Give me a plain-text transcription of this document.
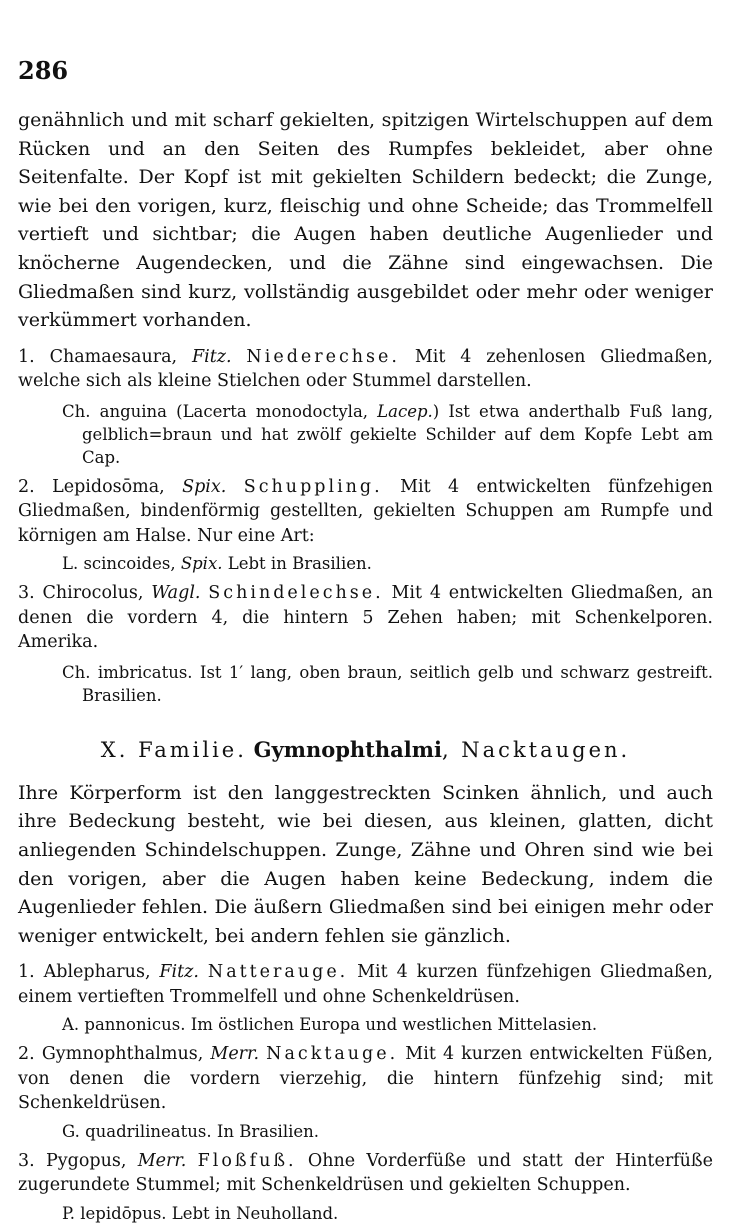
286

genähnlich und mit scharf gekielten, spitzigen Wirtelschuppen auf dem Rücken und an den Seiten des Rumpfes bekleidet, aber ohne Seitenfalte. Der Kopf ist mit gekielten Schildern bedeckt; die Zunge, wie bei den vorigen, kurz, fleischig und ohne Scheide; das Trommelfell vertieft und sichtbar; die Augen haben deutliche Augenlieder und knöcherne Augendecken, und die Zähne sind eingewachsen. Die Gliedmaßen sind kurz, vollständig ausgebildet oder mehr oder weniger verkümmert vorhanden.

1. Chamaesaura, Fitz. Niederechse. Mit 4 zehenlosen Gliedmaßen, welche sich als kleine Stielchen oder Stummel darstellen.

Ch. anguina (Lacerta monodoctyla, Lacep.) Ist etwa anderthalb Fuß lang, gelblich=braun und hat zwölf gekielte Schilder auf dem Kopfe Lebt am Cap.

2. Lepidosōma, Spix. Schuppling. Mit 4 entwickelten fünfzehigen Gliedmaßen, bindenförmig gestellten, gekielten Schuppen am Rumpfe und körnigen am Halse. Nur eine Art:

L. scincoides, Spix. Lebt in Brasilien.

3. Chirocolus, Wagl. Schindelechse. Mit 4 entwickelten Gliedmaßen, an denen die vordern 4, die hintern 5 Zehen haben; mit Schenkelporen. Amerika.

Ch. imbricatus. Ist 1′ lang, oben braun, seitlich gelb und schwarz gestreift. Brasilien.

X. Familie. Gymnophthalmi, Nacktaugen.

Ihre Körperform ist den langgestreckten Scinken ähnlich, und auch ihre Bedeckung besteht, wie bei diesen, aus kleinen, glatten, dicht anliegenden Schindelschuppen. Zunge, Zähne und Ohren sind wie bei den vorigen, aber die Augen haben keine Bedeckung, indem die Augenlieder fehlen. Die äußern Gliedmaßen sind bei einigen mehr oder weniger entwickelt, bei andern fehlen sie gänzlich.

1. Ablepharus, Fitz. Natterauge. Mit 4 kurzen fünfzehigen Gliedmaßen, einem vertieften Trommelfell und ohne Schenkeldrüsen.

A. pannonicus. Im östlichen Europa und westlichen Mittelasien.

2. Gymnophthalmus, Merr. Nacktauge. Mit 4 kurzen entwickelten Füßen, von denen die vordern vierzehig, die hintern fünfzehig sind; mit Schenkeldrüsen.

G. quadrilineatus. In Brasilien.

3. Pygopus, Merr. Floßfuß. Ohne Vorderfüße und statt der Hinterfüße zugerundete Stummel; mit Schenkeldrüsen und gekielten Schuppen.

P. lepidōpus. Lebt in Neuholland.
